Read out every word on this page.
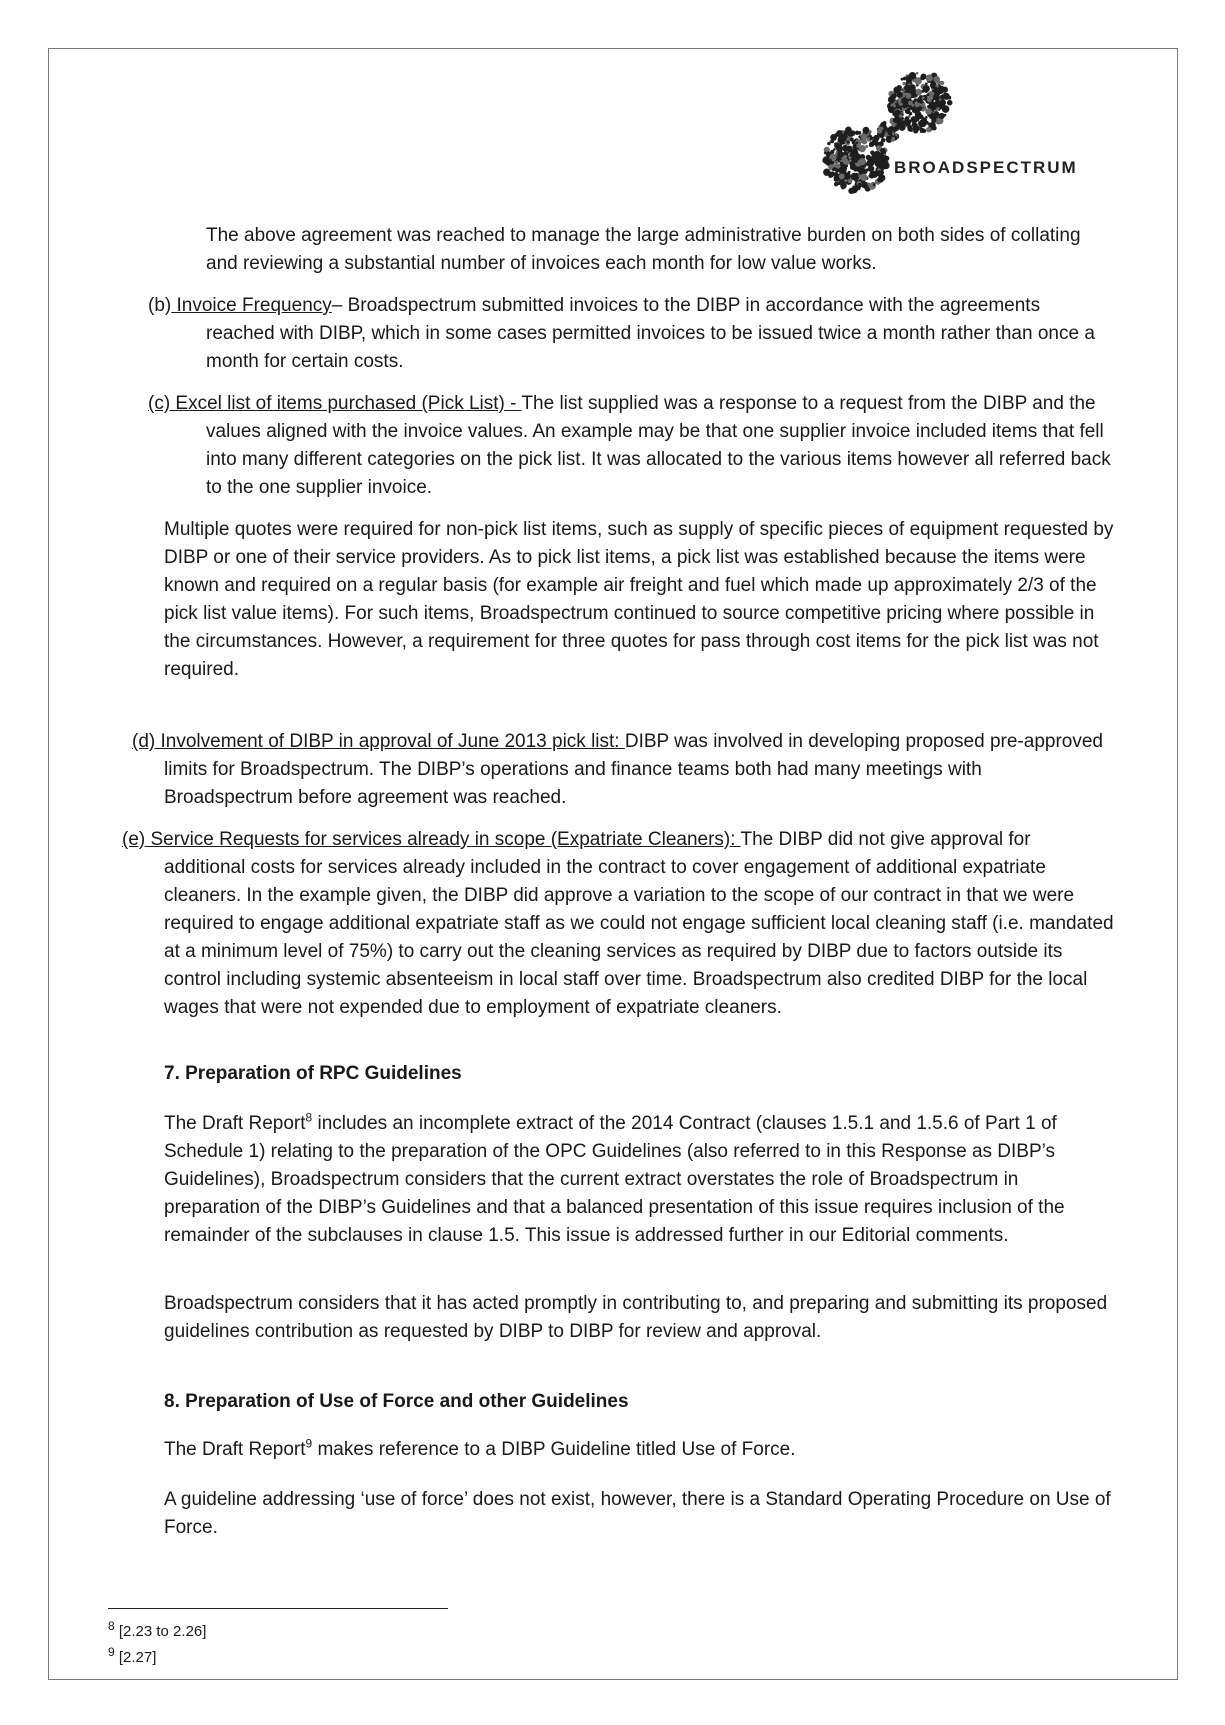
BROADSPECTRUM

The above agreement was reached to manage the large administrative burden on both sides of collating and reviewing a substantial number of invoices each month for low value works.

(b) Invoice Frequency– Broadspectrum submitted invoices to the DIBP in accordance with the agreements reached with DIBP, which in some cases permitted invoices to be issued twice a month rather than once a month for certain costs.

(c) Excel list of items purchased (Pick List) - The list supplied was a response to a request from the DIBP and the values aligned with the invoice values. An example may be that one supplier invoice included items that fell into many different categories on the pick list. It was allocated to the various items however all referred back to the one supplier invoice.

Multiple quotes were required for non-pick list items, such as supply of specific pieces of equipment requested by DIBP or one of their service providers. As to pick list items, a pick list was established because the items were known and required on a regular basis (for example air freight and fuel which made up approximately 2/3 of the pick list value items). For such items, Broadspectrum continued to source competitive pricing where possible in the circumstances. However, a requirement for three quotes for pass through cost items for the pick list was not required.

(d) Involvement of DIBP in approval of June 2013 pick list: DIBP was involved in developing proposed pre-approved limits for Broadspectrum. The DIBP’s operations and finance teams both had many meetings with Broadspectrum before agreement was reached.

(e) Service Requests for services already in scope (Expatriate Cleaners): The DIBP did not give approval for additional costs for services already included in the contract to cover engagement of additional expatriate cleaners. In the example given, the DIBP did approve a variation to the scope of our contract in that we were required to engage additional expatriate staff as we could not engage sufficient local cleaning staff (i.e. mandated at a minimum level of 75%) to carry out the cleaning services as required by DIBP due to factors outside its control including systemic absenteeism in local staff over time. Broadspectrum also credited DIBP for the local wages that were not expended due to employment of expatriate cleaners.

7. Preparation of RPC Guidelines

The Draft Report$^8$ includes an incomplete extract of the 2014 Contract (clauses 1.5.1 and 1.5.6 of Part 1 of Schedule 1) relating to the preparation of the OPC Guidelines (also referred to in this Response as DIBP’s Guidelines), Broadspectrum considers that the current extract overstates the role of Broadspectrum in preparation of the DIBP’s Guidelines and that a balanced presentation of this issue requires inclusion of the remainder of the subclauses in clause 1.5. This issue is addressed further in our Editorial comments.

Broadspectrum considers that it has acted promptly in contributing to, and preparing and submitting its proposed guidelines contribution as requested by DIBP to DIBP for review and approval.

8. Preparation of Use of Force and other Guidelines

The Draft Report$^9$ makes reference to a DIBP Guideline titled Use of Force.

A guideline addressing ‘use of force’ does not exist, however, there is a Standard Operating Procedure on Use of Force.

$^8$ [2.23 to 2.26]
$^9$ [2.27]
